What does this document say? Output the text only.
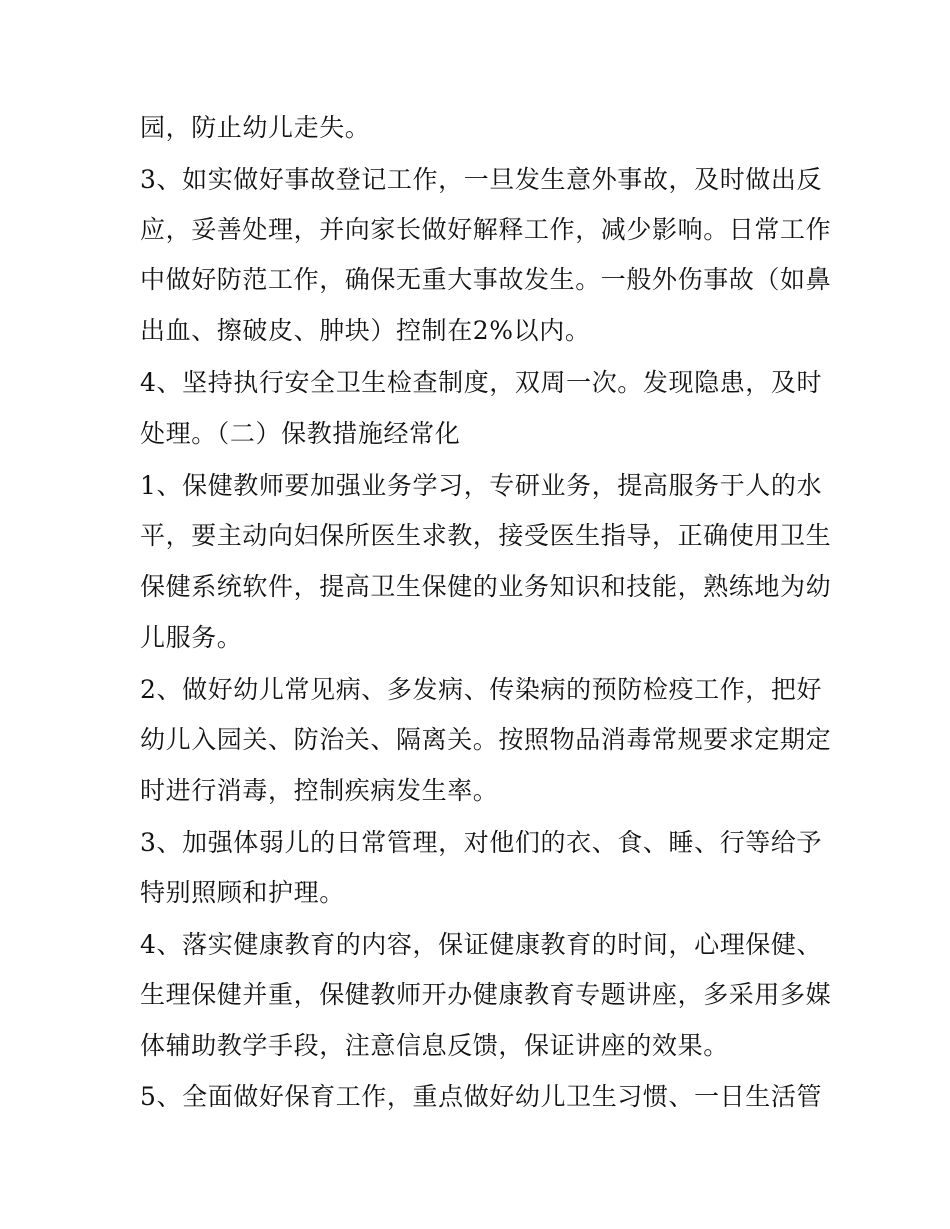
园，防止幼儿走失。
3、如实做好事故登记工作，一旦发生意外事故，及时做出反
应，妥善处理，并向家长做好解释工作，减少影响。日常工作
中做好防范工作，确保无重大事故发生。一般外伤事故（如鼻
出血、擦破皮、肿块）控制在2%以内。
4、坚持执行安全卫生检查制度，双周一次。发现隐患，及时
处理。（二）保教措施经常化
1、保健教师要加强业务学习，专研业务，提高服务于人的水
平，要主动向妇保所医生求教，接受医生指导，正确使用卫生
保健系统软件，提高卫生保健的业务知识和技能，熟练地为幼
儿服务。
2、做好幼儿常见病、多发病、传染病的预防检疫工作，把好
幼儿入园关、防治关、隔离关。按照物品消毒常规要求定期定
时进行消毒，控制疾病发生率。
3、加强体弱儿的日常管理，对他们的衣、食、睡、行等给予
特别照顾和护理。
4、落实健康教育的内容，保证健康教育的时间，心理保健、
生理保健并重，保健教师开办健康教育专题讲座，多采用多媒
体辅助教学手段，注意信息反馈，保证讲座的效果。
5、全面做好保育工作，重点做好幼儿卫生习惯、一日生活管
